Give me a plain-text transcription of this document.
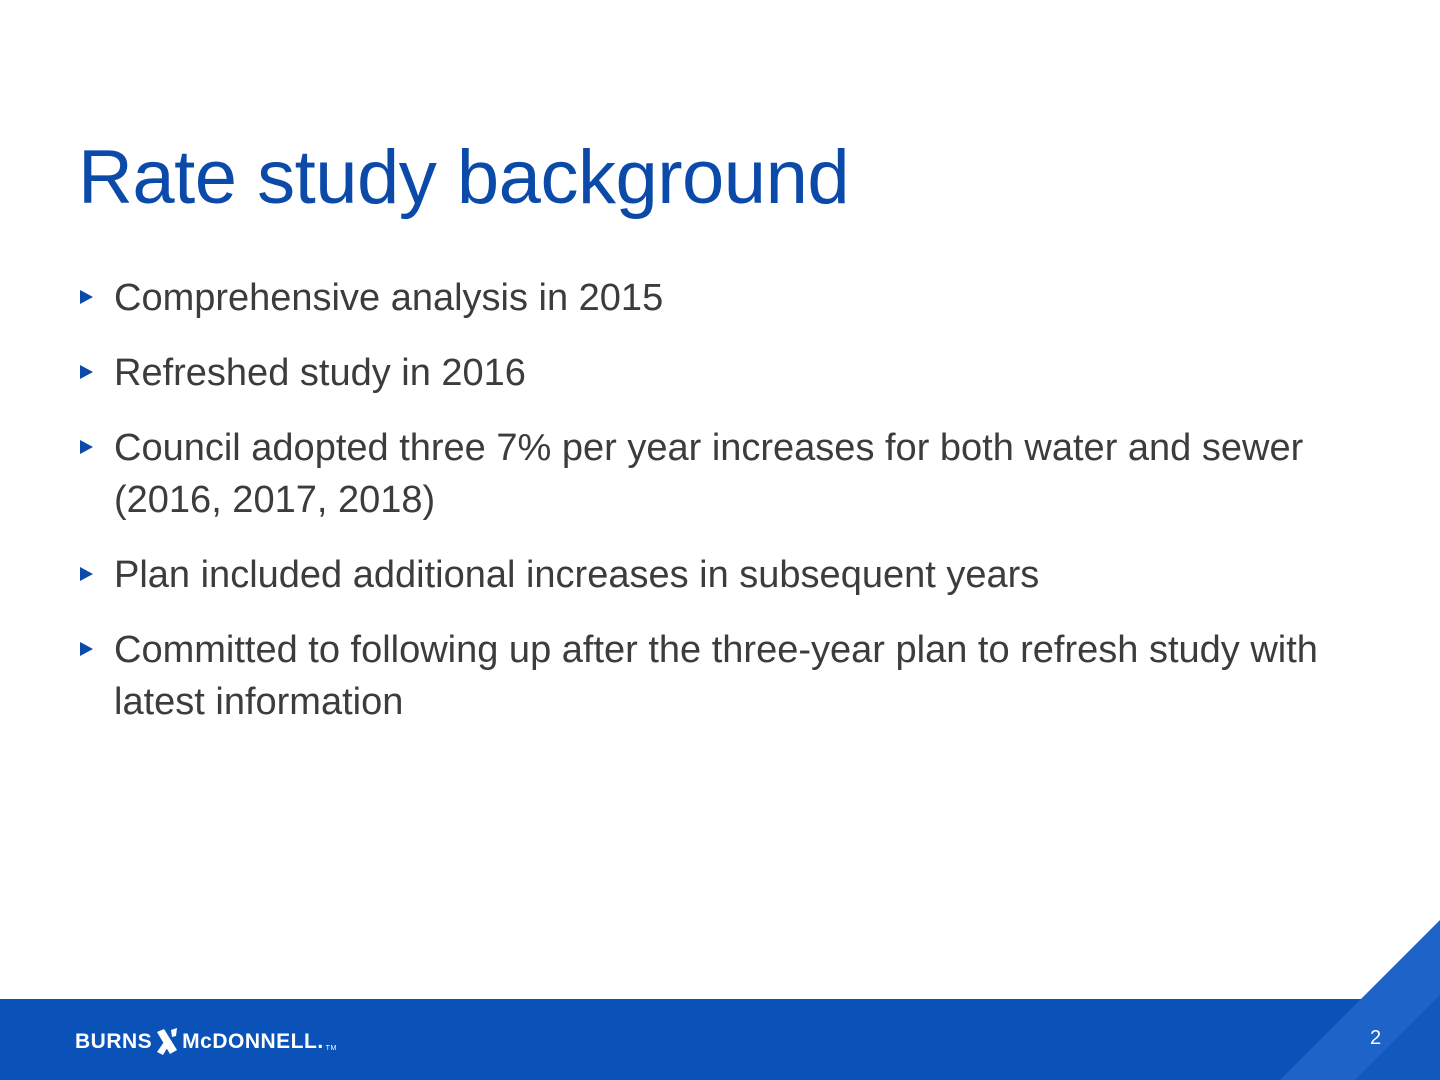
Rate study background
Comprehensive analysis in 2015
Refreshed study in 2016
Council adopted three 7% per year increases for both water and sewer (2016, 2017, 2018)
Plan included additional increases in subsequent years
Committed to following up after the three-year plan to refresh study with latest information
BURNS McDONNELL. TM	2
